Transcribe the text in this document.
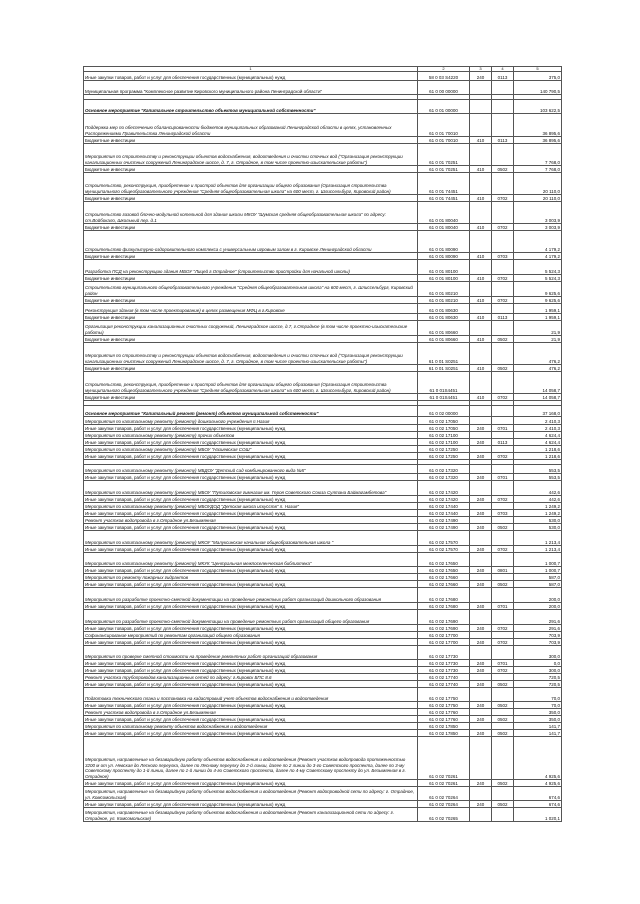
1	2	3	4	5
Иные закупки товаров, работ и услуг для обеспечения государственных (муниципальных) нужд	58 0 03 S4220	240	0113	375,0
Муниципальная программа "Комплексное развитие Кировского муниципального района Ленинградской области"	61 0 00 00000			140 790,5

Основное мероприятие "Капитальное строительство объектов муниципальной собственности"	61 0 01 00000			103 622,5
Поддержка мер по обеспечению сбалансированности бюджетов муниципальных образований Ленинградской области в целях, установленных Распоряжениями Правительства Ленинградской области	61 0 01 70010			36 895,6
Бюджетные инвестиции	61 0 01 70010	410	0113	36 895,6
Мероприятия по строительству и реконструкции объектов водоснабжения, водоотведения и очистки сточных вод ("Организация реконструкции канализационных очистных сооружений Ленинградское шоссе, д. 7, г. Отрадное, в том числе проектно-изыскательские работы")	61 0 01 70251			7 768,0
Бюджетные инвестиции	61 0 01 70251	410	0502	7 768,0
Строительство, реконструкция, приобретение и пристрой объектов для организации общего образования (Организация строительства муниципального общеобразовательного учреждения "Средняя общеобразовательная школа" на 600 мест, г. Шлиссельбург, Кировский район)	61 0 01 74451			20 110,0
Бюджетные инвестиции	61 0 01 74451	410	0702	20 110,0
Строительство газовой блочно-модульной котельной для здания школы МКОУ "Шумская средняя общеобразовательная школа" по адресу: ст.Войбокало, Школьный пер. д.1	61 0 01 80040			3 003,9
Бюджетные инвестиции	61 0 01 80040	410	0702	3 003,9
Строительство физкультурно-оздоровительного комплекса с универсальным игровым залом в г. Кировске Ленинградской области	61 0 01 80090			4 179,2
Бюджетные инвестиции	61 0 01 80090	410	0703	4 179,2
Разработка ПСД на реконструкцию здания МБОУ "Лицей г.Отрадное" (строительство пристройки для начальной школы)	61 0 01 80100			5 524,3
Бюджетные инвестиции	61 0 01 80100	410	0702	5 524,3
Строительство муниципального общеобразовательного учреждения "Средняя общеобразовательная школа" на 600 мест, г. Шлиссельбург, Кировский район	61 0 01 80210			9 625,6
Бюджетные инвестиции	61 0 01 80210	410	0702	9 625,6
Реконструкция здания (в том числе проектирование) в целях размещения МФЦ в г.Кировске	61 0 01 80630			1 959,1
Бюджетные инвестиции	61 0 01 80630	410	0113	1 959,1
Организация реконструкции канализационных очистных сооружений, Ленинградское шоссе, д.7, г.Отрадное (в том числе проектно-изыскательские работы)	61 0 01 80660			21,9
Бюджетные инвестиции	61 0 01 80660	410	0502	21,9
Мероприятия по строительству и реконструкции объектов водоснабжения, водоотведения и очистки сточных вод ("Организация реконструкции канализационных очистных сооружений Ленинградское шоссе, д. 7, г. Отрадное, в том числе проектно-изыскательские работы")	61 0 01 S0251			476,2
Бюджетные инвестиции	61 0 01 S0251	410	0502	476,2
Строительство, реконструкция, приобретение и пристрой объектов для организации общего образования (Организация строительства муниципального общеобразовательного учреждения "Средняя общеобразовательная школа" на 600 мест, г. Шлиссельбург, Кировский район)	61 0 01S4451			14 058,7
Бюджетные инвестиции	61 0 01S4451	410	0702	14 058,7

Основное мероприятие "Капитальный ремонт (ремонт) объектов муниципальной собственности"	61 0 02 00000			37 168,0
Мероприятия по капитальному ремонту (ремонту) дошкольного учреждения п.Назия	61 0 02 17050			2 410,3
Иные закупки товаров, работ и услуг для обеспечения государственных (муниципальных) нужд	61 0 02 17050	240	0701	2 410,3
Мероприятия по капитальному ремонту (ремонту) прочих объектов	61 0 02 17100			4 624,4
Иные закупки товаров, работ и услуг для обеспечения государственных (муниципальных) нужд	61 0 02 17100	240	0113	4 624,4
Мероприятия по капитальному ремонту (ремонту) МБОУ "Назиевская СОШ"	61 0 02 17250			1 218,6
Иные закупки товаров, работ и услуг для обеспечения государственных (муниципальных) нужд	61 0 02 17250	240	0702	1 218,6

Мероприятия по капитальному ремонту (ремонту) МБДОУ "Детский сад комбинированного вида №5"	61 0 02 17320			553,5
Иные закупки товаров, работ и услуг для обеспечения государственных (муниципальных) нужд	61 0 02 17320	240	0701	553,5
Мероприятия по капитальному ремонту (ремонту) МБОУ "Путиловская гимназия им. Героя Советского Союза Султана Баймагамбетова"	61 0 02 17420			442,6
Иные закупки товаров, работ и услуг для обеспечения государственных (муниципальных) нужд	61 0 02 17420	240	0702	442,6
Мероприятия по капитальному ремонту (ремонту) МБОУДОД "Детская школа искусств" п. Назия"	61 0 02 17440			1 249,2
Иные закупки товаров, работ и услуг для обеспечения государственных (муниципальных) нужд	61 0 02 17440	240	0703	1 249,2
Ремонт участков водопровода в г.Отрадное ул.Безымянная	61 0 02 17490			530,0
Иные закупки товаров, работ и услуг для обеспечения государственных (муниципальных) нужд	61 0 02 17490	240	0502	530,0
Мероприятия по капитальному ремонту (ремонту) МКОУ "Малуксинская начальная общеобразовательная школа "	61 0 02 17570			1 213,4
Иные закупки товаров, работ и услуг для обеспечения государственных (муниципальных) нужд	61 0 02 17570	240	0702	1 213,4
Мероприятия по капитальному ремонту (ремонту) МКУК "Центральная межпоселенческая библиотека"	61 0 02 17650			1 000,7
Иные закупки товаров, работ и услуг для обеспечения государственных (муниципальных) нужд	61 0 02 17650	240	0801	1 000,7
Мероприятия по ремонту пожарных гидрантов	61 0 02 17660			587,0
Иные закупки товаров, работ и услуг для обеспечения государственных (муниципальных) нужд	61 0 02 17660	240	0502	587,0
Мероприятия по разработке проектно-сметной документации на проведение ремонтных работ организаций дошкольного образования	61 0 02 17680			200,0
Иные закупки товаров, работ и услуг для обеспечения государственных (муниципальных) нужд	61 0 02 17680	240	0701	200,0
Мероприятия по разработке проектно-сметной документации на проведение ремонтных работ организаций общего образования	61 0 02 17690			291,6
Иные закупки товаров, работ и услуг для обеспечения государственных (муниципальных) нужд	61 0 02 17690	240	0702	291,6
Софинансирование мероприятий по ремонтам организаций общего образования	61 0 02 17700			703,9
Иные закупки товаров, работ и услуг для обеспечения государственных (муниципальных) нужд	61 0 02 17700	240	0702	703,9
Мероприятия по проверке сметной стоимости на проведение ремонтных работ организаций образования	61 0 02 17730			300,0
Иные закупки товаров, работ и услуг для обеспечения государственных (муниципальных) нужд	61 0 02 17730	240	0701	0,0
Иные закупки товаров, работ и услуг для обеспечения государственных (муниципальных) нужд	61 0 02 17730	240	0702	300,0
Ремонт участка трубопроводов канализационных сетей по адресу: г.Кировск БПС 8.6	61 0 02 17740			720,5
Иные закупки товаров, работ и услуг для обеспечения государственных (муниципальных) нужд	61 0 02 17740	240	0502	720,5
Подготовка технического плана и постановка на кадастровый учет объектов водоснабжения и водоотведения	61 0 02 17750			70,0
Иные закупки товаров, работ и услуг для обеспечения государственных (муниципальных) нужд	61 0 02 17750	240	0502	70,0
Ремонт участков водопровода в г.Отрадное ул.Безымянная	61 0 02 17760			350,0
Иные закупки товаров, работ и услуг для обеспечения государственных (муниципальных) нужд	61 0 02 17760	240	0502	350,0
Мероприятия по капитальному ремонту объектов водоснабжения и водоотведения	61 0 02 17850			141,7
Иные закупки товаров, работ и услуг для обеспечения государственных (муниципальных) нужд	61 0 02 17850	240	0502	141,7
Мероприятия, направленные на безаварийную работу объектов водоснабжения и водоотведения (Ремонт участков водопровода протяженностью 3200 м от ул. Невская до Лесного переулка, далее по Лесному переулку до 2-й линии, далее по 2 линии до 3-го Советского проспекта, далее по 3-му Советскому проспекту до 1-й линии, далее по 1-й линии до 4-го Советского проспекта, далее по 4-му Советскому проспекту до ул. Безымянная в г. Отрадное)	61 0 02 70261			4 925,6
Иные закупки товаров, работ и услуг для обеспечения государственных (муниципальных) нужд	61 0 02 70261	240	0502	4 925,6
Мероприятия, направленные на безаварийную работу объектов водоснабжения и водоотведения (Ремонт водопроводной сети по адресу: г. Отрадное, ул. Комсомольская)	61 0 02 70264			674,6
Иные закупки товаров, работ и услуг для обеспечения государственных (муниципальных) нужд	61 0 02 70264	240	0502	674,6
Мероприятия, направленные на безаварийную работу объектов водоснабжения и водоотведения (Ремонт канализационной сети по адресу: г. Отрадное, ул. Комсомольская)	61 0 02 70265			1 020,1
